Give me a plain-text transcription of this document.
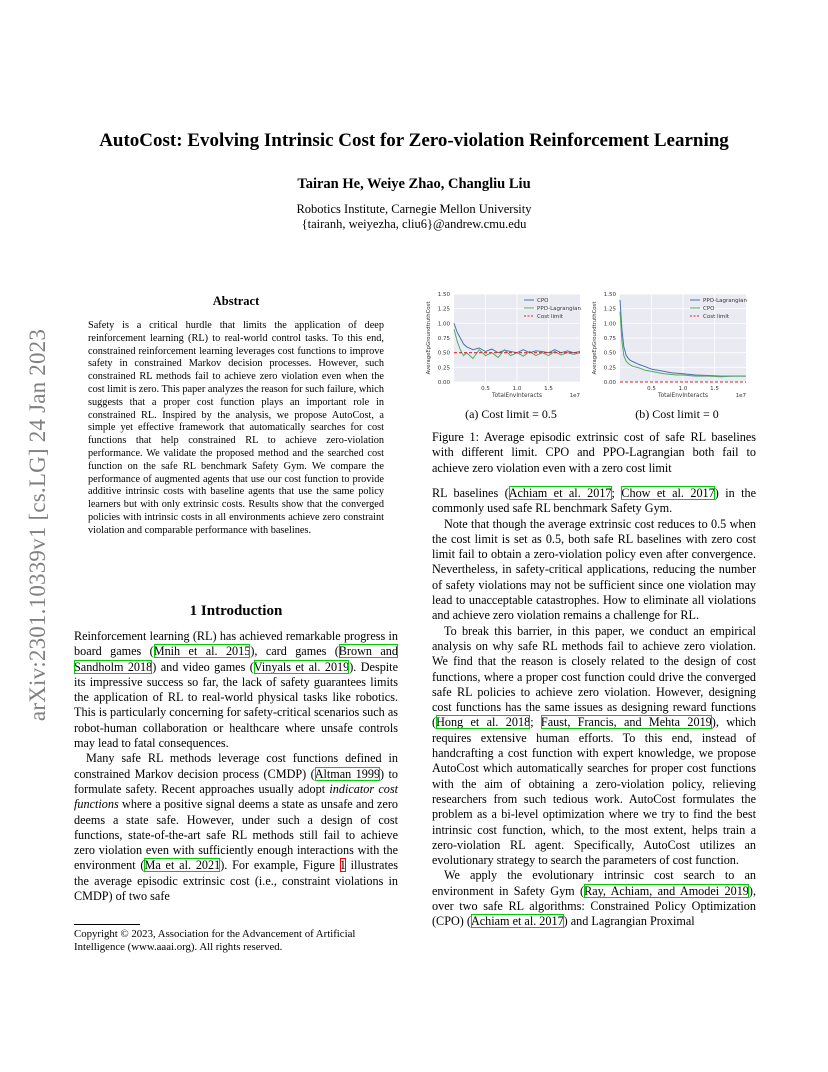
arXiv:2301.10339v1 [cs.LG] 24 Jan 2023
AutoCost: Evolving Intrinsic Cost for Zero-violation Reinforcement Learning
Tairan He, Weiye Zhao, Changliu Liu
Robotics Institute, Carnegie Mellon University
{tairanh, weiyezha, cliu6}@andrew.cmu.edu
Abstract
Safety is a critical hurdle that limits the application of deep reinforcement learning (RL) to real-world control tasks. To this end, constrained reinforcement learning leverages cost functions to improve safety in constrained Markov decision processes. However, such constrained RL methods fail to achieve zero violation even when the cost limit is zero. This paper analyzes the reason for such failure, which suggests that a proper cost function plays an important role in constrained RL. Inspired by the analysis, we propose AutoCost, a simple yet effective framework that automatically searches for cost functions that help constrained RL to achieve zero-violation performance. We validate the proposed method and the searched cost function on the safe RL benchmark Safety Gym. We compare the performance of augmented agents that use our cost function to provide additive intrinsic costs with baseline agents that use the same policy learners but with only extrinsic costs. Results show that the converged policies with intrinsic costs in all environments achieve zero constraint violation and comparable performance with baselines.
1 Introduction

Reinforcement learning (RL) has achieved remarkable progress in board games (Mnih et al. 2015), card games (Brown and Sandholm 2018) and video games (Vinyals et al. 2019). Despite its impressive success so far, the lack of safety guarantees limits the application of RL to real-world physical tasks like robotics. This is particularly concerning for safety-critical scenarios such as robot-human collaboration or healthcare where unsafe controls may lead to fatal consequences.

Many safe RL methods leverage cost functions defined in constrained Markov decision process (CMDP) (Altman 1999) to formulate safety. Recent approaches usually adopt indicator cost functions where a positive signal deems a state as unsafe and zero deems a state safe. However, under such a design of cost functions, state-of-the-art safe RL methods still fail to achieve zero violation even with sufficiently enough interactions with the environment (Ma et al. 2021). For example, Figure 1 illustrates the average episodic extrinsic cost (i.e., constraint violations in CMDP) of two safe

Copyright © 2023, Association for the Advancement of Artificial Intelligence (www.aaai.org). All rights reserved.
0.00
0.25
0.50
0.75
1.00
1.25
1.50
0.5	1.0	1.5
TotalEnvInteracts	1e7
AverageEpGroundtruthCost
CPO
PPO-Lagrangian
Cost limit
0.00
0.25
0.50
0.75
1.00
1.25
1.50
0.5	1.0	1.5
TotalEnvInteracts	1e7
AverageEpGroundtruthCost
PPO-Lagrangian
CPO
Cost limit
(a) Cost limit = 0.5	(b) Cost limit = 0
Figure 1: Average episodic extrinsic cost of safe RL baselines with different limit. CPO and PPO-Lagrangian both fail to achieve zero violation even with a zero cost limit

RL baselines (Achiam et al. 2017; Chow et al. 2017) in the commonly used safe RL benchmark Safety Gym.

Note that though the average extrinsic cost reduces to 0.5 when the cost limit is set as 0.5, both safe RL baselines with zero cost limit fail to obtain a zero-violation policy even after convergence. Nevertheless, in safety-critical applications, reducing the number of safety violations may not be sufficient since one violation may lead to unacceptable catastrophes. How to eliminate all violations and achieve zero violation remains a challenge for RL.

To break this barrier, in this paper, we conduct an empirical analysis on why safe RL methods fail to achieve zero violation. We find that the reason is closely related to the design of cost functions, where a proper cost function could drive the converged safe RL policies to achieve zero violation. However, designing cost functions has the same issues as designing reward functions (Hong et al. 2018; Faust, Francis, and Mehta 2019), which requires extensive human efforts. To this end, instead of handcrafting a cost function with expert knowledge, we propose AutoCost which automatically searches for proper cost functions with the aim of obtaining a zero-violation policy, relieving researchers from such tedious work. AutoCost formulates the problem as a bi-level optimization where we try to find the best intrinsic cost function, which, to the most extent, helps train a zero-violation RL agent. Specifically, AutoCost utilizes an evolutionary strategy to search the parameters of cost function.

We apply the evolutionary intrinsic cost search to an environment in Safety Gym (Ray, Achiam, and Amodei 2019), over two safe RL algorithms: Constrained Policy Optimization (CPO) (Achiam et al. 2017) and Lagrangian Proximal
